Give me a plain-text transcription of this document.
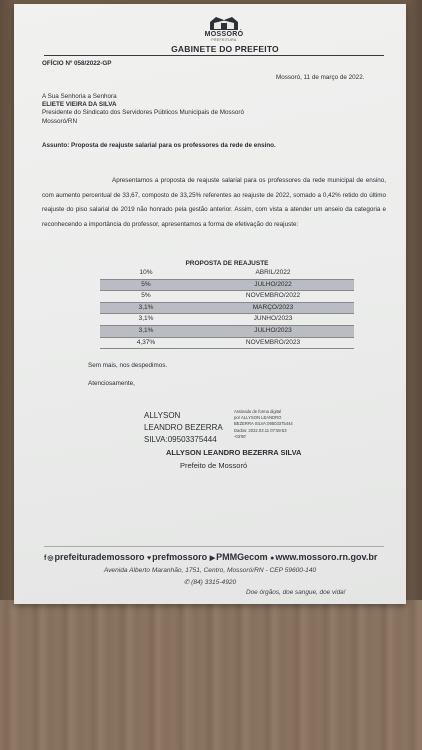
MOSSORÓ
PREFEITURA
GABINETE DO PREFEITO
OFÍCIO Nº 058/2022-GP
Mossoró, 11 de março de 2022.
A Sua Senhoria a Senhora
ELIETE VIEIRA DA SILVA
Presidente do Sindicato dos Servidores Públicos Municipais de Mossoró
Mossoró/RN
Assunto: Proposta de reajuste salarial para os professores da rede de ensino.
Apresentamos a proposta de reajuste salarial para os professores da rede municipal de ensino, com aumento percentual de 33,67, composto de 33,25% referentes ao reajuste de 2022, somado a 0,42% retido do último reajuste do piso salarial de 2019 não honrado pela gestão anterior. Assim, com vista a atender um anseio da categoria e reconhecendo a importância do professor, apresentamos a forma de efetivação do reajuste:
PROPOSTA DE REAJUSTE
10%	ABRIL/2022
5%	JULHO/2022
5%	NOVEMBRO/2022
3,1%	MARÇO/2023
3,1%	JUNHO/2023
3,1%	JULHO/2023
4,37%	NOVEMBRO/2023
Sem mais, nos despedimos.
Atenciosamente,
ALLYSON
LEANDRO BEZERRA
SILVA:09503375444
Assinado de forma digital
por ALLYSON LEANDRO
BEZERRA SILVA:09503375444
Dados: 2022.03.11 07:59:53
-03'00'
ALLYSON LEANDRO BEZERRA SILVA
Prefeito de Mossoró
f◎prefeiturademossoro ♥prefmossoro ▶PMMGecom ●www.mossoro.rn.gov.br
Avenida Alberto Maranhão, 1751, Centro, Mossoró/RN - CEP 59600-140
✆ (84) 3315-4920
Doe órgãos, doe sangue, doe vida!
